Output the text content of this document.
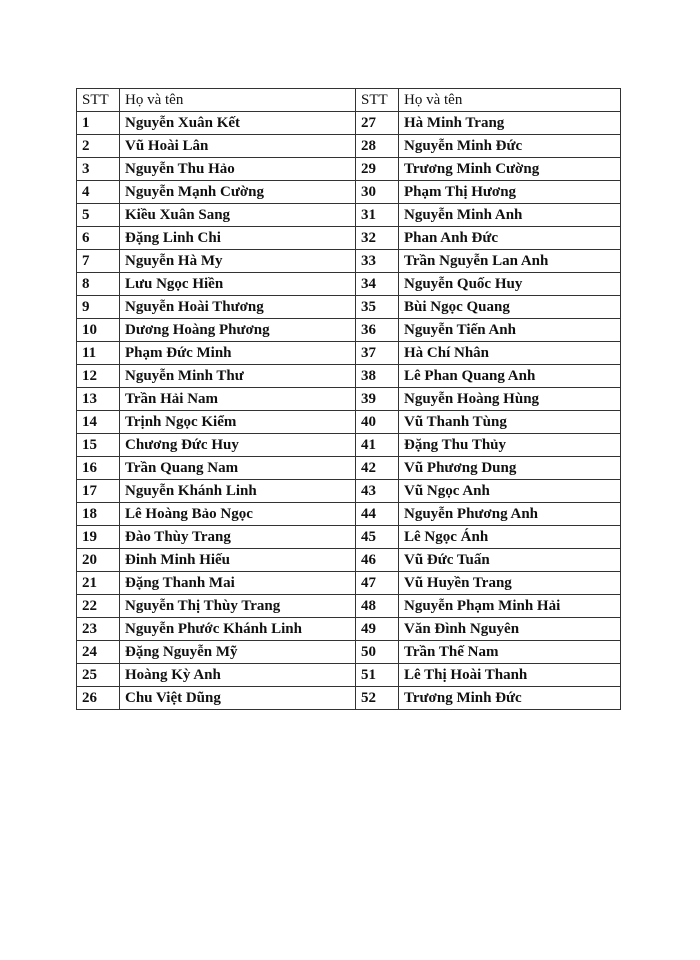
STT	Họ và tên	STT	Họ và tên
1	Nguyễn Xuân Kết	27	Hà Minh Trang
2	Vũ Hoài Lân	28	Nguyễn Minh Đức
3	Nguyễn Thu Hảo	29	Trương Minh Cường
4	Nguyễn Mạnh Cường	30	Phạm Thị Hương
5	Kiều Xuân Sang	31	Nguyễn Minh Anh
6	Đặng Linh Chi	32	Phan Anh Đức
7	Nguyễn Hà My	33	Trần Nguyễn Lan Anh
8	Lưu Ngọc Hiền	34	Nguyễn Quốc Huy
9	Nguyễn Hoài Thương	35	Bùi Ngọc Quang
10	Dương Hoàng Phương	36	Nguyễn Tiến Anh
11	Phạm Đức Minh	37	Hà Chí Nhân
12	Nguyễn Minh Thư	38	Lê Phan Quang Anh
13	Trần Hải Nam	39	Nguyễn Hoàng Hùng
14	Trịnh Ngọc Kiểm	40	Vũ Thanh Tùng
15	Chương Đức Huy	41	Đặng Thu Thủy
16	Trần Quang Nam	42	Vũ Phương Dung
17	Nguyễn Khánh Linh	43	Vũ Ngọc Anh
18	Lê Hoàng Bảo Ngọc	44	Nguyễn Phương Anh
19	Đào Thùy Trang	45	Lê Ngọc Ánh
20	Đinh Minh Hiếu	46	Vũ Đức Tuấn
21	Đặng Thanh Mai	47	Vũ Huyền Trang
22	Nguyễn Thị Thùy Trang	48	Nguyễn Phạm Minh Hải
23	Nguyễn Phước Khánh Linh	49	Văn Đình Nguyên
24	Đặng Nguyễn Mỹ	50	Trần Thế Nam
25	Hoàng Kỳ Anh	51	Lê Thị Hoài Thanh
26	Chu Việt Dũng	52	Trương Minh Đức
